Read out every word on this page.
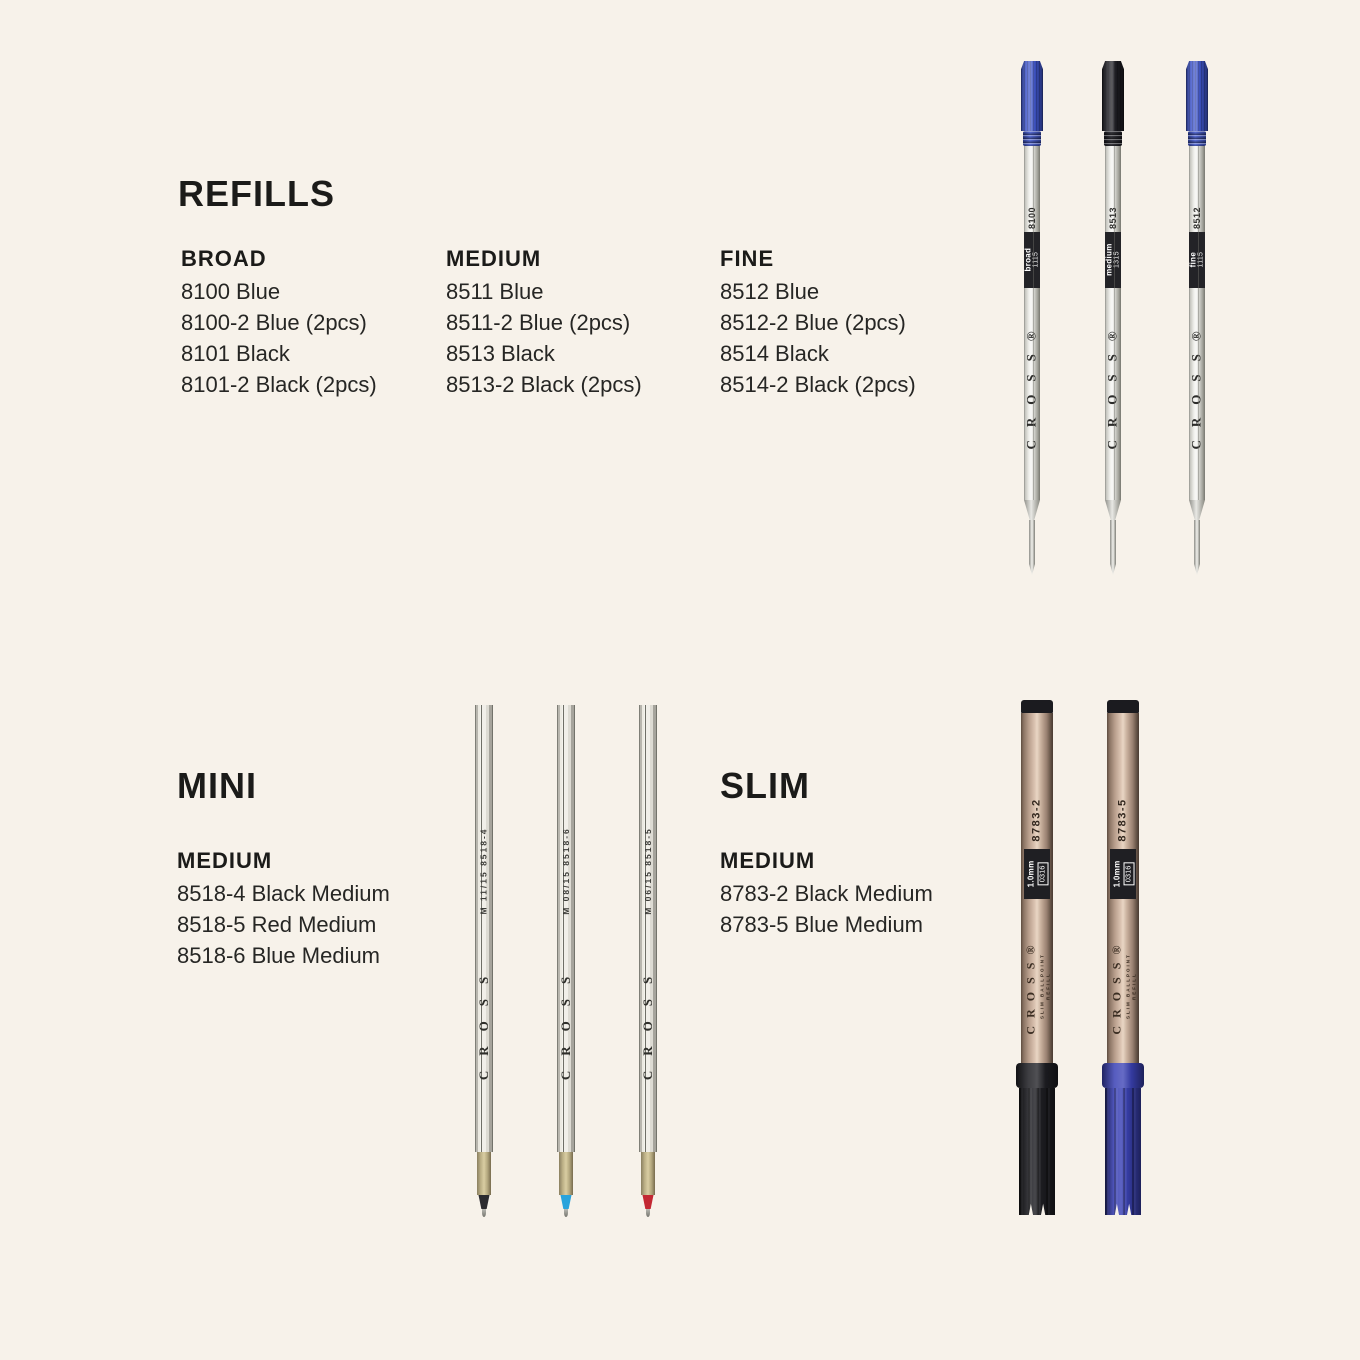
REFILLS
BROAD
8100 Blue
8100-2 Blue (2pcs)
8101 Black
8101-2 Black (2pcs)
MEDIUM
8511 Blue
8511-2 Blue (2pcs)
8513 Black
8513-2 Black (2pcs)
FINE
8512 Blue
8512-2 Blue (2pcs)
8514 Black
8514-2 Black (2pcs)
MINI
MEDIUM
8518-4 Black Medium
8518-5 Red Medium
8518-6 Blue Medium
SLIM
MEDIUM
8783-2 Black Medium
8783-5 Blue Medium
8100
broad 1115
CROSS®
8513
medium 1315
CROSS®
8512
fine 1115
CROSS®
M 11/15 8518-4
CROSS
M 08/15 8518-6
CROSS
M 06/15 8518-5
CROSS
8783-2
1.0mm 0316
CROSS® SLIM BALLPOINT REFILL
8783-5
1.0mm 0316
CROSS® SLIM BALLPOINT REFILL
